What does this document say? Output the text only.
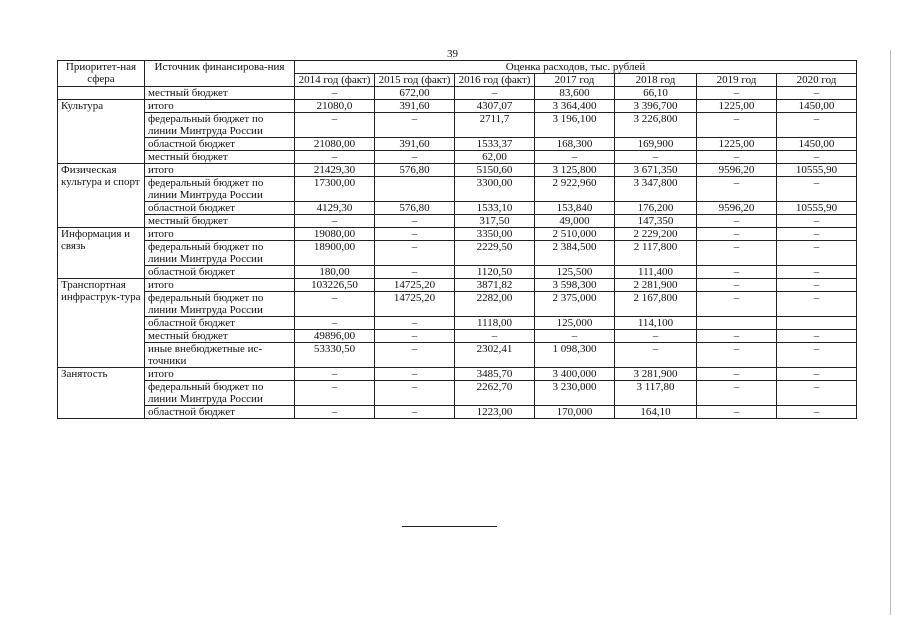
39
Приоритет-ная сфера	Источник финансирова-ния	Оценка расходов, тыс. рублей						
		2014 год (факт)	2015 год (факт)	2016 год (факт)	2017 год	2018 год	2019 год	2020 год
	местный бюджет	–	672,00	–	83,600	66,10	–	–
Культура	итого	21080,0	391,60	4307,07	3 364,400	3 396,700	1225,00	1450,00
	федеральный бюджет по линии Минтруда России	–	–	2711,7	3 196,100	3 226,800	–	–
	областной бюджет	21080,00	391,60	1533,37	168,300	169,900	1225,00	1450,00
	местный бюджет	–	–	62,00	–	–	–	–
Физическая культура и спорт	итого	21429,30	576,80	5150,60	3 125,800	3 671,350	9596,20	10555,90
	федеральный бюджет по линии Минтруда России	17300,00		3300,00	2 922,960	3 347,800	–	–
	областной бюджет	4129,30	576,80	1533,10	153,840	176,200	9596,20	10555,90
	местный бюджет	–	–	317,50	49,000	147,350	–	–
Информация и связь	итого	19080,00	–	3350,00	2 510,000	2 229,200	–	–
	федеральный бюджет по линии Минтруда России	18900,00	–	2229,50	2 384,500	2 117,800	–	–
	областной бюджет	180,00	–	1120,50	125,500	111,400	–	–
Транспортная инфраструк-тура	итого	103226,50	14725,20	3871,82	3 598,300	2 281,900	–	–
	федеральный бюджет по линии Минтруда России	–	14725,20	2282,00	2 375,000	2 167,800	–	–
	областной бюджет	–	–	1118,00	125,000	114,100		
	местный бюджет	49896,00	–	–	–	–	–	–
	иные внебюджетные ис-точники	53330,50	–	2302,41	1 098,300	–	–	–
Занятость	итого	–	–	3485,70	3 400,000	3 281,900	–	–
	федеральный бюджет по линии Минтруда России	–	–	2262,70	3 230,000	3 117,80	–	–
	областной бюджет	–	–	1223,00	170,000	164,10	–	–
